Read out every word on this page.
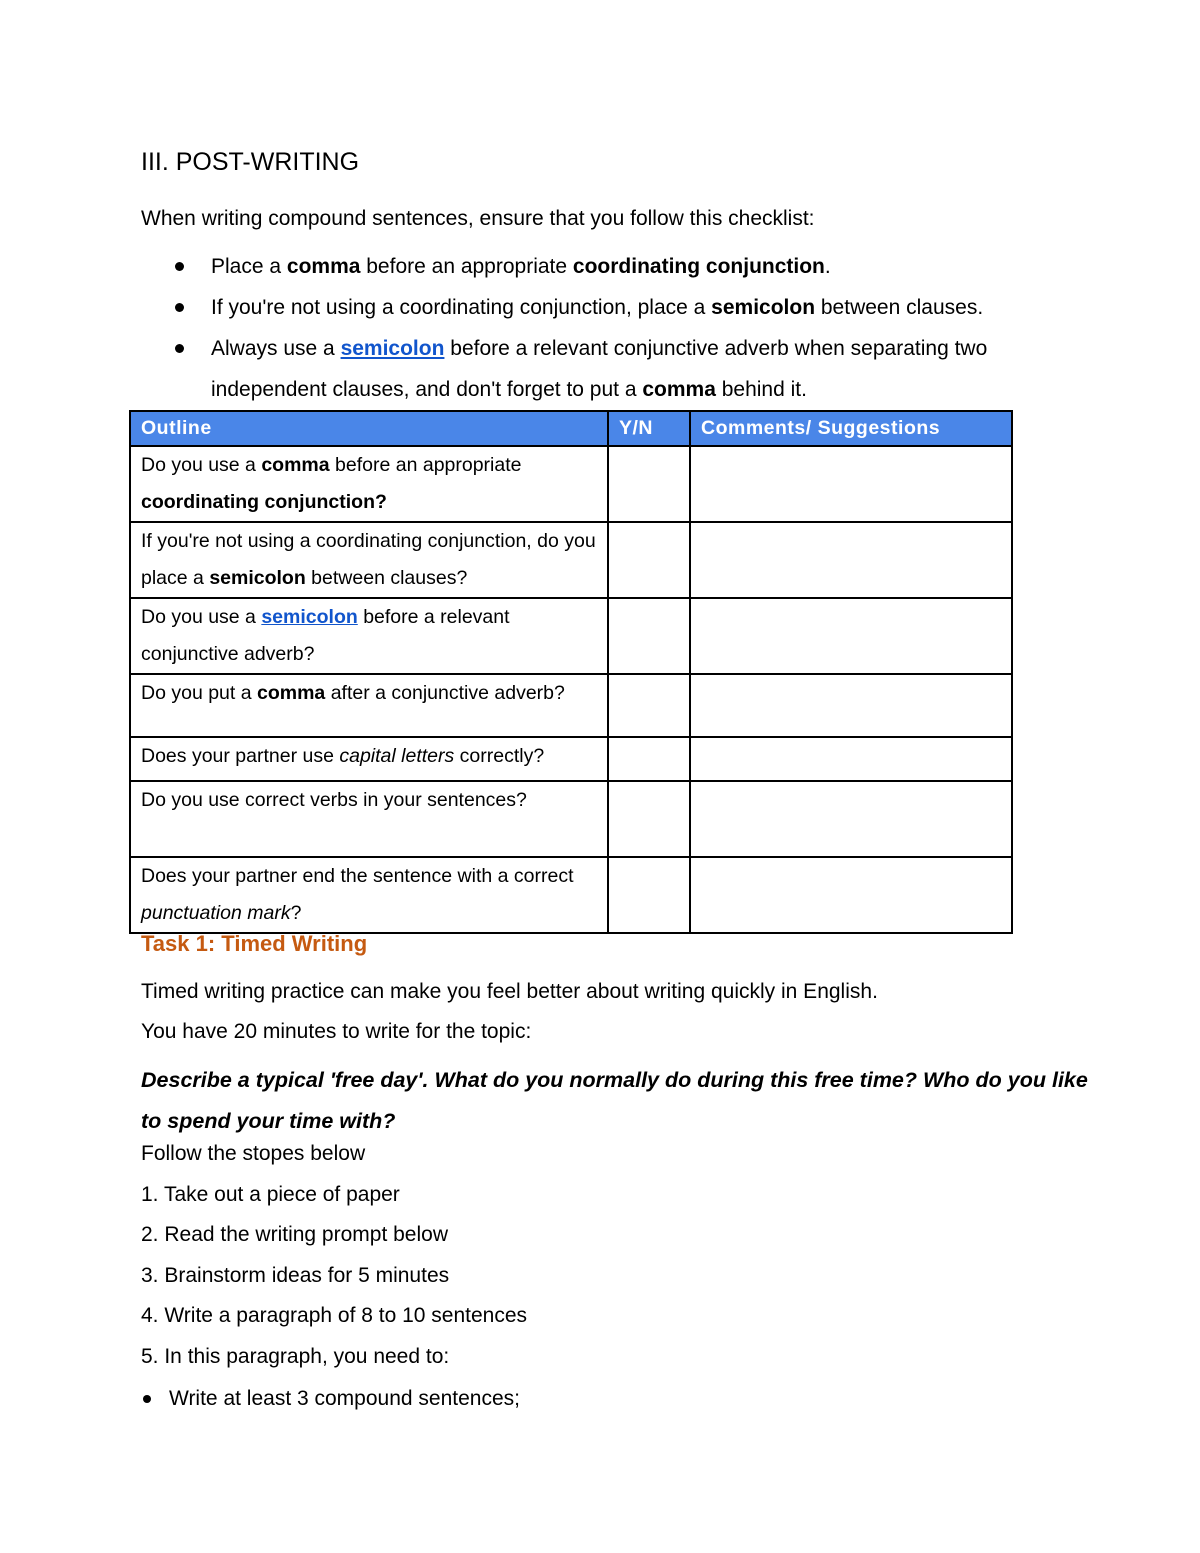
III. POST-WRITING
When writing compound sentences, ensure that you follow this checklist:
Place a comma before an appropriate coordinating conjunction.
If you're not using a coordinating conjunction, place a semicolon between clauses.
Always use a semicolon before a relevant conjunctive adverb when separating two independent clauses, and don't forget to put a comma behind it.
Outline	Y/N	Comments/ Suggestions
Do you use a comma before an appropriate coordinating conjunction?		
If you're not using a coordinating conjunction, do you place a semicolon between clauses?		
Do you use a semicolon before a relevant conjunctive adverb?		
Do you put a comma after a conjunctive adverb?		
Does your partner use capital letters correctly?		
Do you use correct verbs in your sentences?		
Does your partner end the sentence with a correct punctuation mark?		
Task 1: Timed Writing
Timed writing practice can make you feel better about writing quickly in English.
You have 20 minutes to write for the topic:
Describe a typical 'free day'. What do you normally do during this free time? Who do you like to spend your time with?
Follow the stopes below
1. Take out a piece of paper
2. Read the writing prompt below
3. Brainstorm ideas for 5 minutes
4. Write a paragraph of 8 to 10 sentences
5. In this paragraph, you need to:
Write at least 3 compound sentences;
